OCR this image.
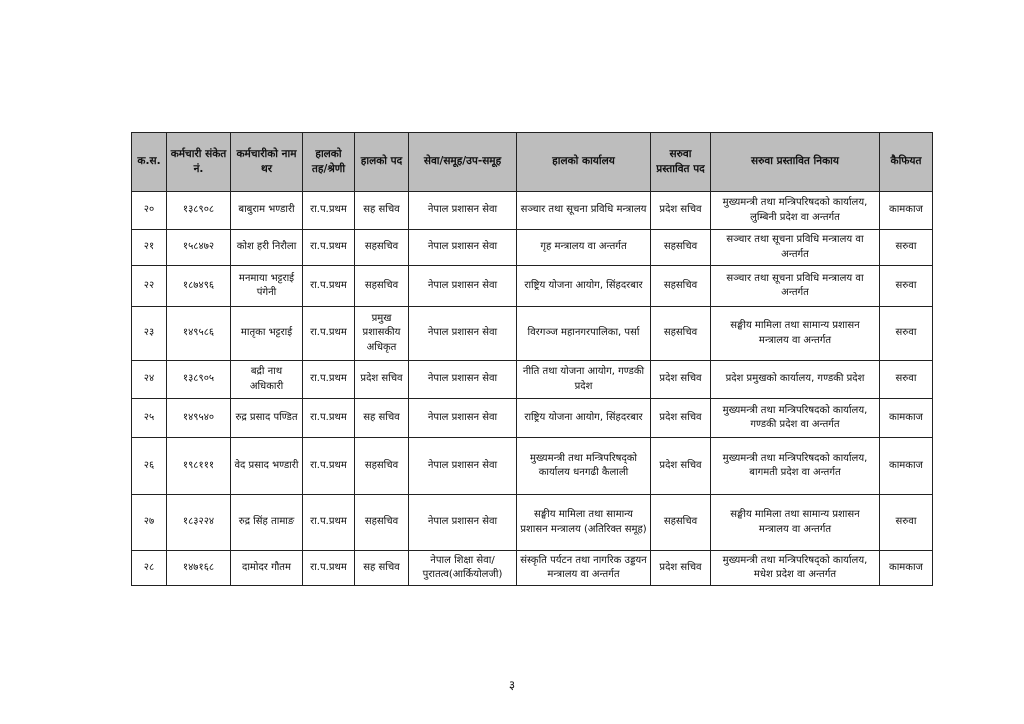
क.स.	कर्मचारी संकेत नं.	कर्मचारीको नाम थर	हालको तह/श्रेणी	हालको पद	सेवा/समूह/उप-समूह	हालको कार्यालय	सरुवा प्रस्तावित पद	सरुवा प्रस्तावित निकाय	कैफियत
२०	१३८९०८	बाबुराम भण्डारी	रा.प.प्रथम	सह सचिव	नेपाल प्रशासन सेवा	सञ्चार तथा सूचना प्रविधि मन्त्रालय	प्रदेश सचिव	मुख्यमन्त्री तथा मन्त्रिपरिषदको कार्यालय, लुम्बिनी प्रदेश वा अन्तर्गत	कामकाज
२१	१५८४७२	कोश हरी निरौला	रा.प.प्रथम	सहसचिव	नेपाल प्रशासन सेवा	गृह मन्त्रालय वा अन्तर्गत	सहसचिव	सञ्चार तथा सूचना प्रविधि मन्त्रालय वा अन्तर्गत	सरुवा
२२	१८७४९६	मनमाया भट्टराई पंगेनी	रा.प.प्रथम	सहसचिव	नेपाल प्रशासन सेवा	राष्ट्रिय योजना आयोग, सिंहदरबार	सहसचिव	सञ्चार तथा सूचना प्रविधि मन्त्रालय वा अन्तर्गत	सरुवा
२३	१४९५८६	मातृका भट्टराई	रा.प.प्रथम	प्रमुख प्रशासकीय अधिकृत	नेपाल प्रशासन सेवा	विरगञ्ज महानगरपालिका, पर्सा	सहसचिव	सङ्घीय मामिला तथा सामान्य प्रशासन मन्त्रालय वा अन्तर्गत	सरुवा
२४	१३८९०५	बद्री नाथ अधिकारी	रा.प.प्रथम	प्रदेश सचिव	नेपाल प्रशासन सेवा	नीति तथा योजना आयोग, गण्डकी प्रदेश	प्रदेश सचिव	प्रदेश प्रमुखको कार्यालय, गण्डकी प्रदेश	सरुवा
२५	१४९५४०	रुद्र प्रसाद पण्डित	रा.प.प्रथम	सह सचिव	नेपाल प्रशासन सेवा	राष्ट्रिय योजना आयोग, सिंहदरबार	प्रदेश सचिव	मुख्यमन्त्री तथा मन्त्रिपरिषदको कार्यालय, गण्डकी प्रदेश वा अन्तर्गत	कामकाज
२६	१९८१११	वेद प्रसाद भण्डारी	रा.प.प्रथम	सहसचिव	नेपाल प्रशासन सेवा	मुख्यमन्त्री तथा मन्त्रिपरिषद्को कार्यालय धनगढी कैलाली	प्रदेश सचिव	मुख्यमन्त्री तथा मन्त्रिपरिषदको कार्यालय, बागमती प्रदेश वा अन्तर्गत	कामकाज
२७	१८३२२४	रुद्र सिंह तामाङ	रा.प.प्रथम	सहसचिव	नेपाल प्रशासन सेवा	सङ्घीय मामिला तथा सामान्य प्रशासन मन्त्रालय (अतिरिक्त समूह)	सहसचिव	सङ्घीय मामिला तथा सामान्य प्रशासन मन्त्रालय वा अन्तर्गत	सरुवा
२८	१४७१६८	दामोदर गौतम	रा.प.प्रथम	सह सचिव	नेपाल शिक्षा सेवा/ पुरातत्व(आर्कियोलजी)	संस्कृति पर्यटन तथा नागरिक उड्डयन मन्त्रालय वा अन्तर्गत	प्रदेश सचिव	मुख्यमन्त्री तथा मन्त्रिपरिषद्को कार्यालय, मधेश प्रदेश वा अन्तर्गत	कामकाज
३
